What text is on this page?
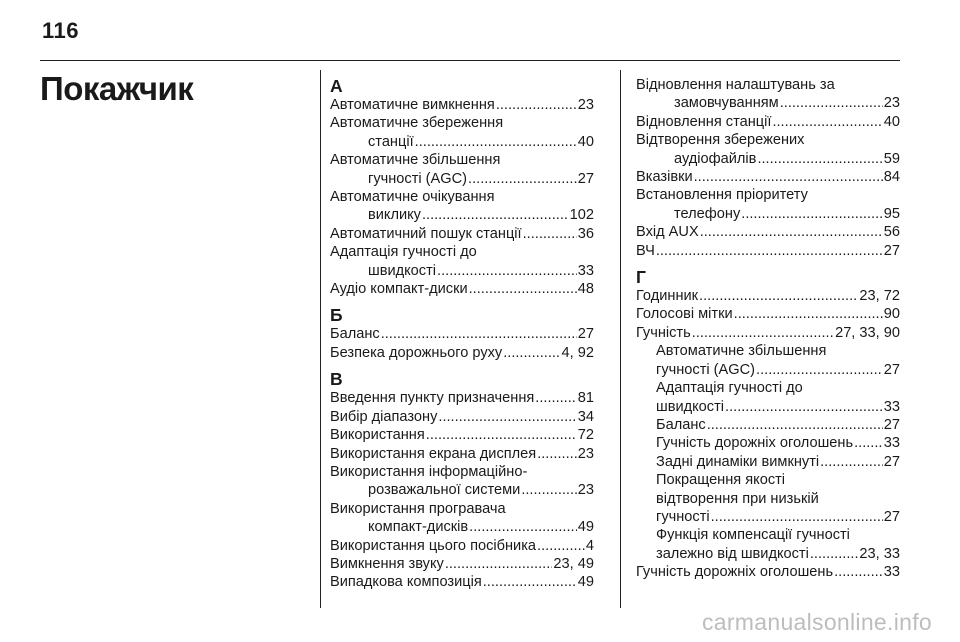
116
Покажчик	А
Автоматичне вимкнення .....	23
Автоматичне збереження
станції .....	40
Автоматичне збільшення
гучності (AGC) .....	27
Автоматичне очікування
виклику .....	102
Автоматичний пошук станції .....	36
Адаптація гучності до
швидкості .....	33
Аудіо компакт-диски .....	48
Б
Баланс .....	27
Безпека дорожнього руху .....	4, 92
В
Введення пункту призначення .....	81
Вибір діапазону .....	34
Використання .....	72
Використання екрана дисплея .....	23
Використання інформаційно-
розважальної системи .....	23
Використання програвача
компакт-дисків .....	49
Використання цього посібника .....	4
Вимкнення звуку .....	23, 49
Випадкова композиція .....	49
Відновлення налаштувань за
замовчуванням .....	23
Відновлення станції .....	40
Відтворення збережених
аудіофайлів .....	59
Вказівки .....	84
Встановлення пріоритету
телефону .....	95
Вхід AUX .....	56
ВЧ .....	27
Г
Годинник .....	23, 72
Голосові мітки .....	90
Гучність .....	27, 33, 90
Автоматичне збільшення
гучності (AGC) .....	27
Адаптація гучності до
швидкості .....	33
Баланс .....	27
Гучність дорожніх оголошень ..... 33
Задні динаміки вимкнуті .....	27
Покращення якості
відтворення при низькій
гучності .....	27
Функція компенсації гучності
залежно від швидкості .....	23, 33
Гучність дорожніх оголошень .....	33
carmanualsonline.info
